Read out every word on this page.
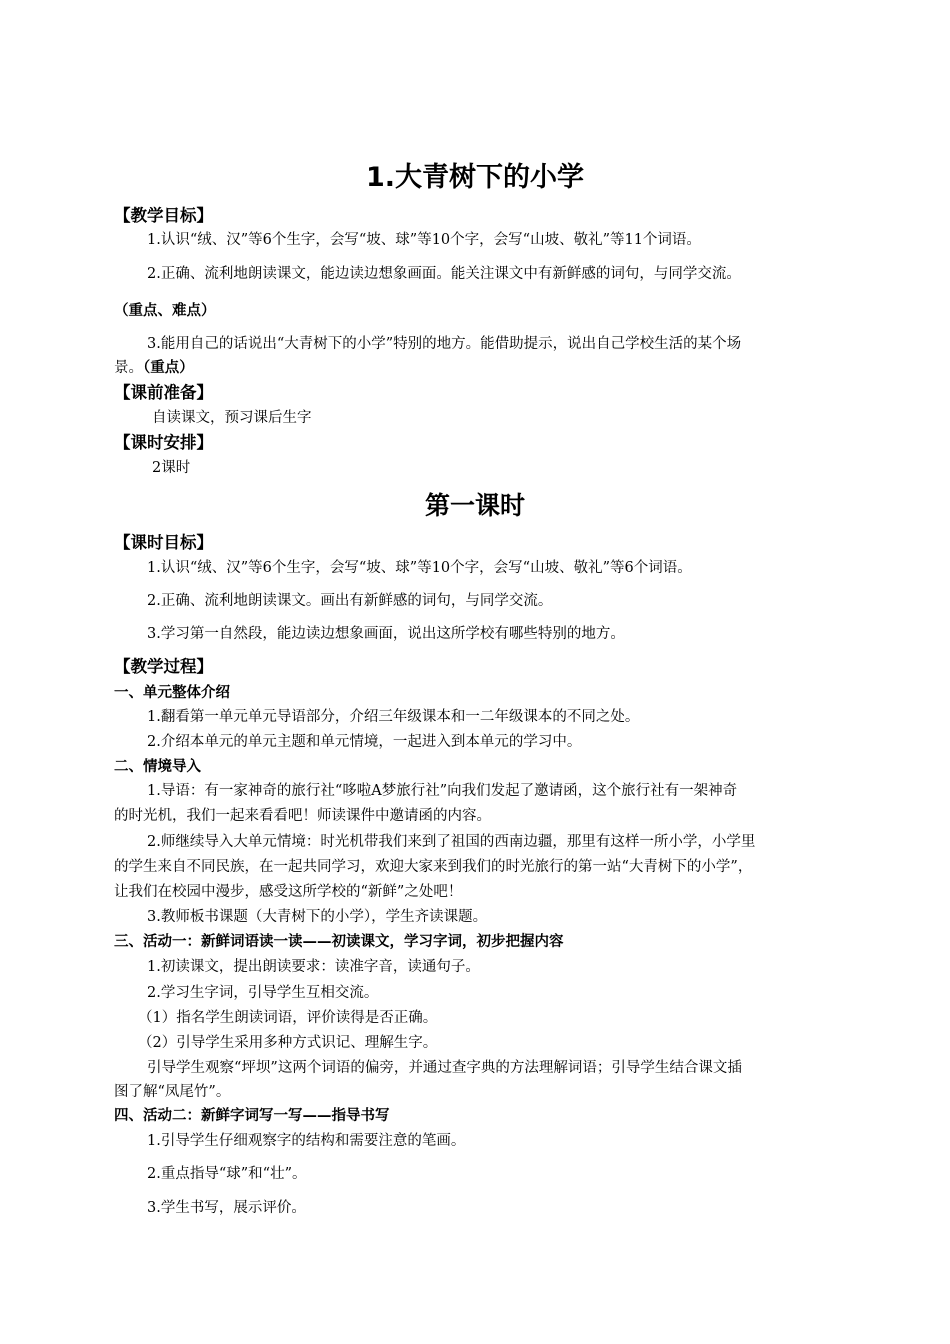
1.大青树下的小学
【教学目标】
1.认识“绒、汉”等6个生字，会写“坡、球”等10个字，会写“山坡、敬礼”等11个词语。
2.正确、流利地朗读课文，能边读边想象画面。能关注课文中有新鲜感的词句，与同学交流。
（重点、难点）
3.能用自己的话说出“大青树下的小学”特别的地方。能借助提示，说出自己学校生活的某个场
景。（重点）
【课前准备】
自读课文，预习课后生字
【课时安排】
2课时
第一课时
【课时目标】
1.认识“绒、汉”等6个生字，会写“坡、球”等10个字，会写“山坡、敬礼”等6个词语。
2.正确、流利地朗读课文。画出有新鲜感的词句，与同学交流。
3.学习第一自然段，能边读边想象画面，说出这所学校有哪些特别的地方。
【教学过程】
一、单元整体介绍
1.翻看第一单元单元导语部分，介绍三年级课本和一二年级课本的不同之处。
2.介绍本单元的单元主题和单元情境，一起进入到本单元的学习中。
二、情境导入
1.导语：有一家神奇的旅行社“哆啦A梦旅行社”向我们发起了邀请函，这个旅行社有一架神奇
的时光机，我们一起来看看吧！师读课件中邀请函的内容。
2.师继续导入大单元情境：时光机带我们来到了祖国的西南边疆，那里有这样一所小学，小学里
的学生来自不同民族，在一起共同学习，欢迎大家来到我们的时光旅行的第一站“大青树下的小学”，
让我们在校园中漫步，感受这所学校的“新鲜”之处吧！
3.教师板书课题（大青树下的小学），学生齐读课题。
三、活动一：新鲜词语读一读——初读课文，学习字词，初步把握内容
1.初读课文，提出朗读要求：读准字音，读通句子。
2.学习生字词，引导学生互相交流。
（1）指名学生朗读词语，评价读得是否正确。
（2）引导学生采用多种方式识记、理解生字。
引导学生观察“坪坝”这两个词语的偏旁，并通过查字典的方法理解词语；引导学生结合课文插
图了解“凤尾竹”。
四、活动二：新鲜字词写一写——指导书写
1.引导学生仔细观察字的结构和需要注意的笔画。
2.重点指导“球”和“壮”。
3.学生书写，展示评价。
